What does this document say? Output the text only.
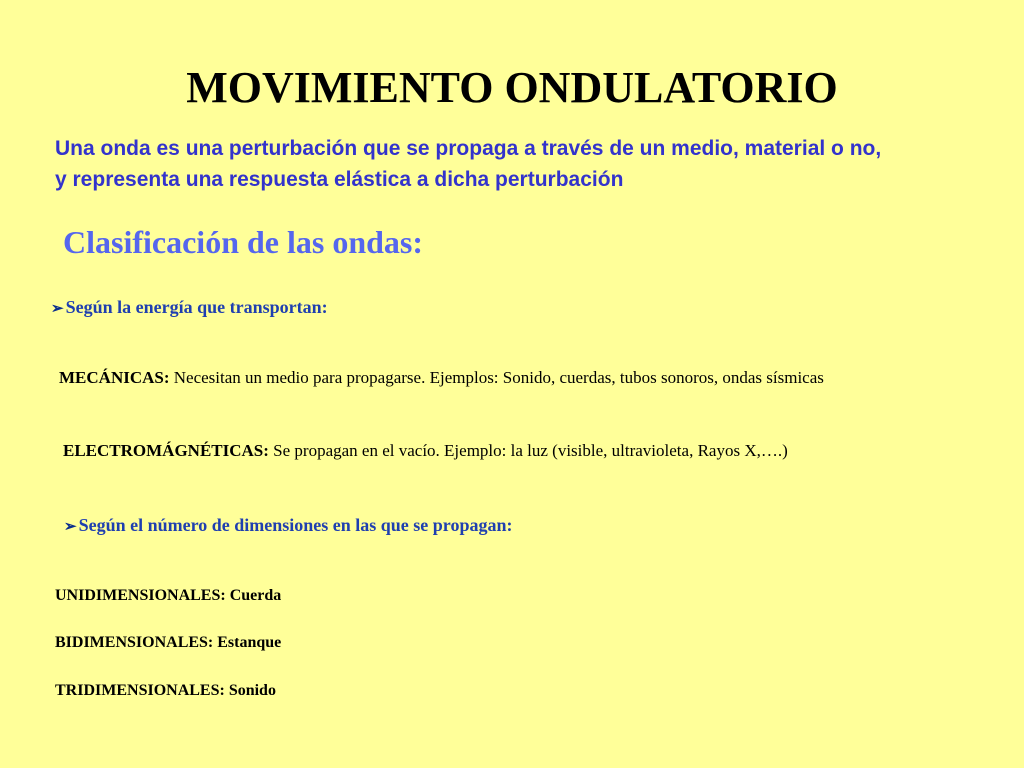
MOVIMIENTO ONDULATORIO
Una onda es una perturbación que se propaga a través de un medio, material o no,
y representa una respuesta elástica a dicha perturbación
Clasificación de las ondas:
➢ Según la energía que transportan:
MECÁNICAS: Necesitan un medio para propagarse. Ejemplos: Sonido, cuerdas, tubos sonoros, ondas sísmicas
ELECTROMÁGNÉTICAS: Se propagan en el vacío. Ejemplo: la luz (visible, ultravioleta, Rayos X,….)
➢ Según el número de dimensiones en las que se propagan:
UNIDIMENSIONALES: Cuerda
BIDIMENSIONALES: Estanque
TRIDIMENSIONALES: Sonido
